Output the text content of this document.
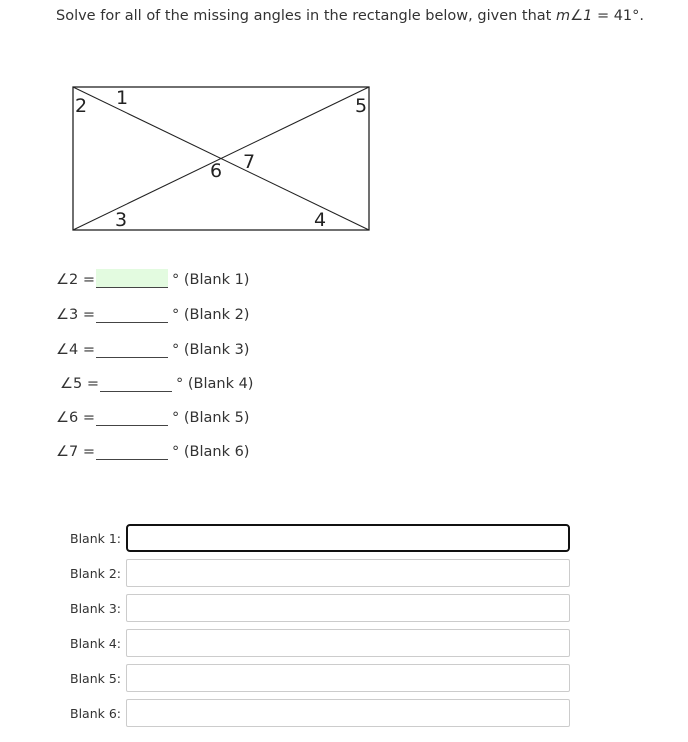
Solve for all of the missing angles in the rectangle below, given that m∠1 = 41°.
2 1	5
6 7
3	4
∠2 =	° (Blank 1)
∠3 =	° (Blank 2)
∠4 =	° (Blank 3)
∠5 =	° (Blank 4)
∠6 =	° (Blank 5)
∠7 =	° (Blank 6)
Blank 1:
Blank 2:
Blank 3:
Blank 4:
Blank 5:
Blank 6:
